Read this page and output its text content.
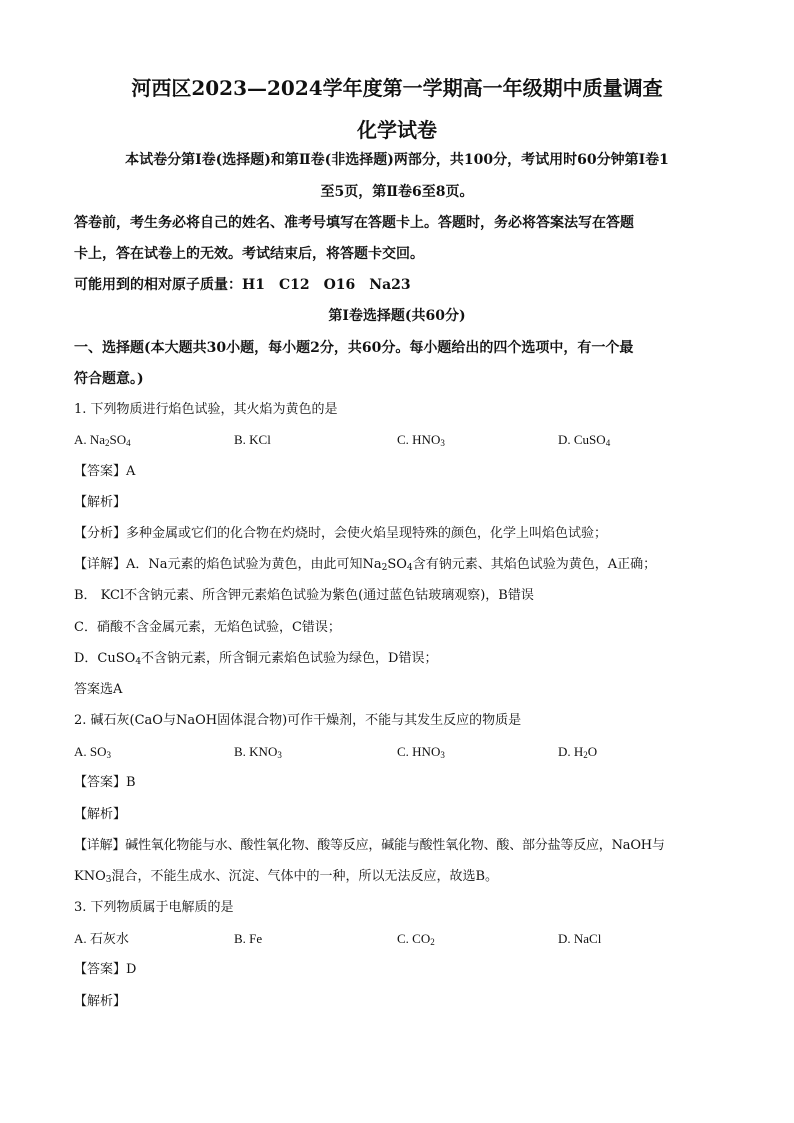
河西区2023—2024学年度第一学期高一年级期中质量调查
化学试卷
本试卷分第Ⅰ卷(选择题)和第Ⅱ卷(非选择题)两部分，共100分，考试用时60分钟第Ⅰ卷1
至5页，第Ⅱ卷6至8页。
答卷前，考生务必将自己的姓名、准考号填写在答题卡上。答题时，务必将答案法写在答题
卡上，答在试卷上的无效。考试结束后，将答题卡交回。
可能用到的相对原子质量：H1　C12　O16　Na23
第Ⅰ卷选择题(共60分)
一、选择题(本大题共30小题，每小题2分，共60分。每小题给出的四个选项中，有一个最
符合题意。)
1. 下列物质进行焰色试验，其火焰为黄色的是
A. $Na_2SO_4$	B. KCl	C. $HNO_3$	D. CuSO$_4$
【答案】A
【解析】
【分析】多种金属或它们的化合物在灼烧时，会使火焰呈现特殊的颜色，化学上叫焰色试验；
【详解】A．Na元素的焰色试验为黄色，由此可知$Na_2SO_4$含有钠元素、其焰色试验为黄色，A正确；
B． KCl不含钠元素、所含钾元素焰色试验为紫色(通过蓝色钴玻璃观察)，B错误
C．硝酸不含金属元素，无焰色试验，C错误；
D．CuSO$_4$不含钠元素，所含铜元素焰色试验为绿色，D错误；
答案选A
2. 碱石灰(CaO与NaOH固体混合物)可作干燥剂，不能与其发生反应的物质是
A. $SO_3$	B. $KNO_3$	C. $HNO_3$	D. $H_2O$
【答案】B
【解析】
【详解】碱性氧化物能与水、酸性氧化物、酸等反应，碱能与酸性氧化物、酸、部分盐等反应，NaOH与
$KNO_3$混合，不能生成水、沉淀、气体中的一种，所以无法反应，故选B。
3. 下列物质属于电解质的是
A. 石灰水	B. Fe	C. $CO_2$	D. NaCl
【答案】D
【解析】
